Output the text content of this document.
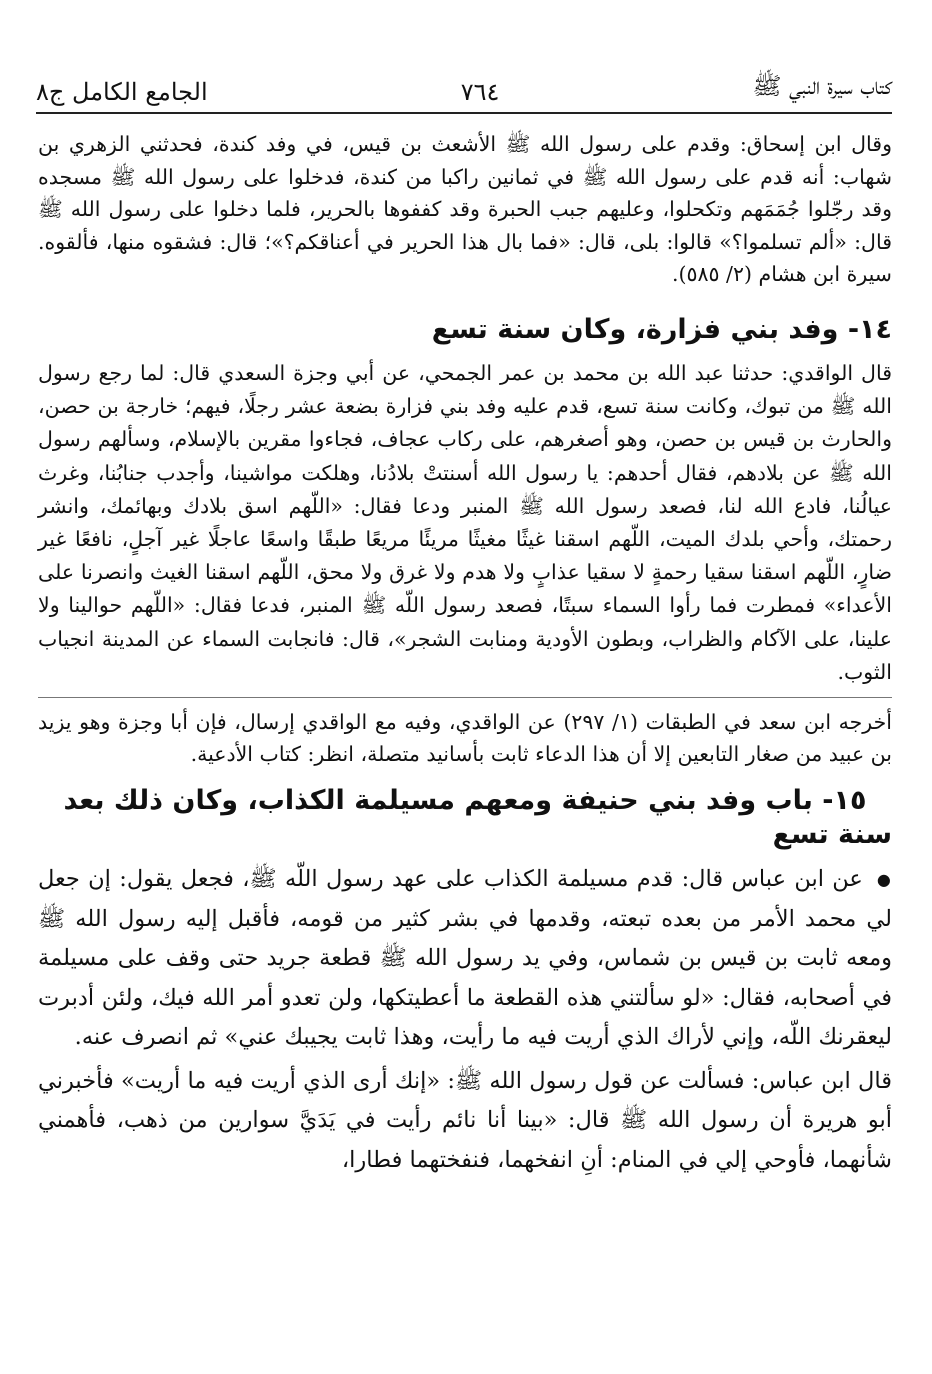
كتاب سيرة النبي ﷺ
٧٦٤
الجامع الكامل ج٨

وقال ابن إسحاق: وقدم على رسول الله ﷺ الأشعث بن قيس، في وفد كندة، فحدثني الزهري بن شهاب: أنه قدم على رسول الله ﷺ في ثمانين راكبا من كندة، فدخلوا على رسول الله ﷺ مسجده وقد رجّلوا جُمَمَهم وتكحلوا، وعليهم جبب الحبرة وقد كففوها بالحرير، فلما دخلوا على رسول الله ﷺ قال: «ألم تسلموا؟» قالوا: بلى، قال: «فما بال هذا الحرير في أعناقكم؟»؛ قال: فشقوه منها، فألقوه. سيرة ابن هشام (٢/ ٥٨٥).

١٤- وفد بني فزارة، وكان سنة تسع

قال الواقدي: حدثنا عبد الله بن محمد بن عمر الجمحي، عن أبي وجزة السعدي قال: لما رجع رسول الله ﷺ من تبوك، وكانت سنة تسع، قدم عليه وفد بني فزارة بضعة عشر رجلًا، فيهم؛ خارجة بن حصن، والحارث بن قيس بن حصن، وهو أصغرهم، على ركاب عجاف، فجاءوا مقرين بالإسلام، وسألهم رسول الله ﷺ عن بلادهم، فقال أحدهم: يا رسول الله أسنتتْ بلادُنا، وهلكت مواشينا، وأجدب جنابُنا، وغرث عيالُنا، فادع الله لنا، فصعد رسول الله ﷺ المنبر ودعا فقال: «اللّهم اسق بلادك وبهائمك، وانشر رحمتك، وأحي بلدك الميت، اللّهم اسقنا غيثًا مغيثًا مريئًا مريعًا طبقًا واسعًا عاجلًا غير آجلٍ، نافعًا غير ضارٍ، اللّهم اسقنا سقيا رحمةٍ لا سقيا عذابٍ ولا هدم ولا غرق ولا محق، اللّهم اسقنا الغيث وانصرنا على الأعداء» فمطرت فما رأوا السماء سبتًا، فصعد رسول اللّه ﷺ المنبر، فدعا فقال: «اللّهم حوالينا ولا علينا، على الآكام والظراب، وبطون الأودية ومنابت الشجر»، قال: فانجابت السماء عن المدينة انجياب الثوب.

أخرجه ابن سعد في الطبقات (١/ ٢٩٧) عن الواقدي، وفيه مع الواقدي إرسال، فإن أبا وجزة وهو يزيد بن عبيد من صغار التابعين إلا أن هذا الدعاء ثابت بأسانيد متصلة، انظر: كتاب الأدعية.

١٥- باب وفد بني حنيفة ومعهم مسيلمة الكذاب، وكان ذلك بعد سنة تسع

●عن ابن عباس قال: قدم مسيلمة الكذاب على عهد رسول اللّه ﷺ، فجعل يقول: إن جعل لي محمد الأمر من بعده تبعته، وقدمها في بشر كثير من قومه، فأقبل إليه رسول الله ﷺ ومعه ثابت بن قيس بن شماس، وفي يد رسول الله ﷺ قطعة جريد حتى وقف على مسيلمة في أصحابه، فقال: «لو سألتني هذه القطعة ما أعطيتكها، ولن تعدو أمر الله فيك، ولئن أدبرت ليعقرنك اللّه، وإني لأراك الذي أريت فيه ما رأيت، وهذا ثابت يجيبك عني» ثم انصرف عنه.

قال ابن عباس: فسألت عن قول رسول الله ﷺ: «إنك أرى الذي أريت فيه ما أريت» فأخبرني أبو هريرة أن رسول الله ﷺ قال: «بينا أنا نائم رأيت في يَدَيَّ سوارين من ذهب، فأهمني شأنهما، فأوحي إلي في المنام: أنِ انفخهما، فنفختهما فطارا،
